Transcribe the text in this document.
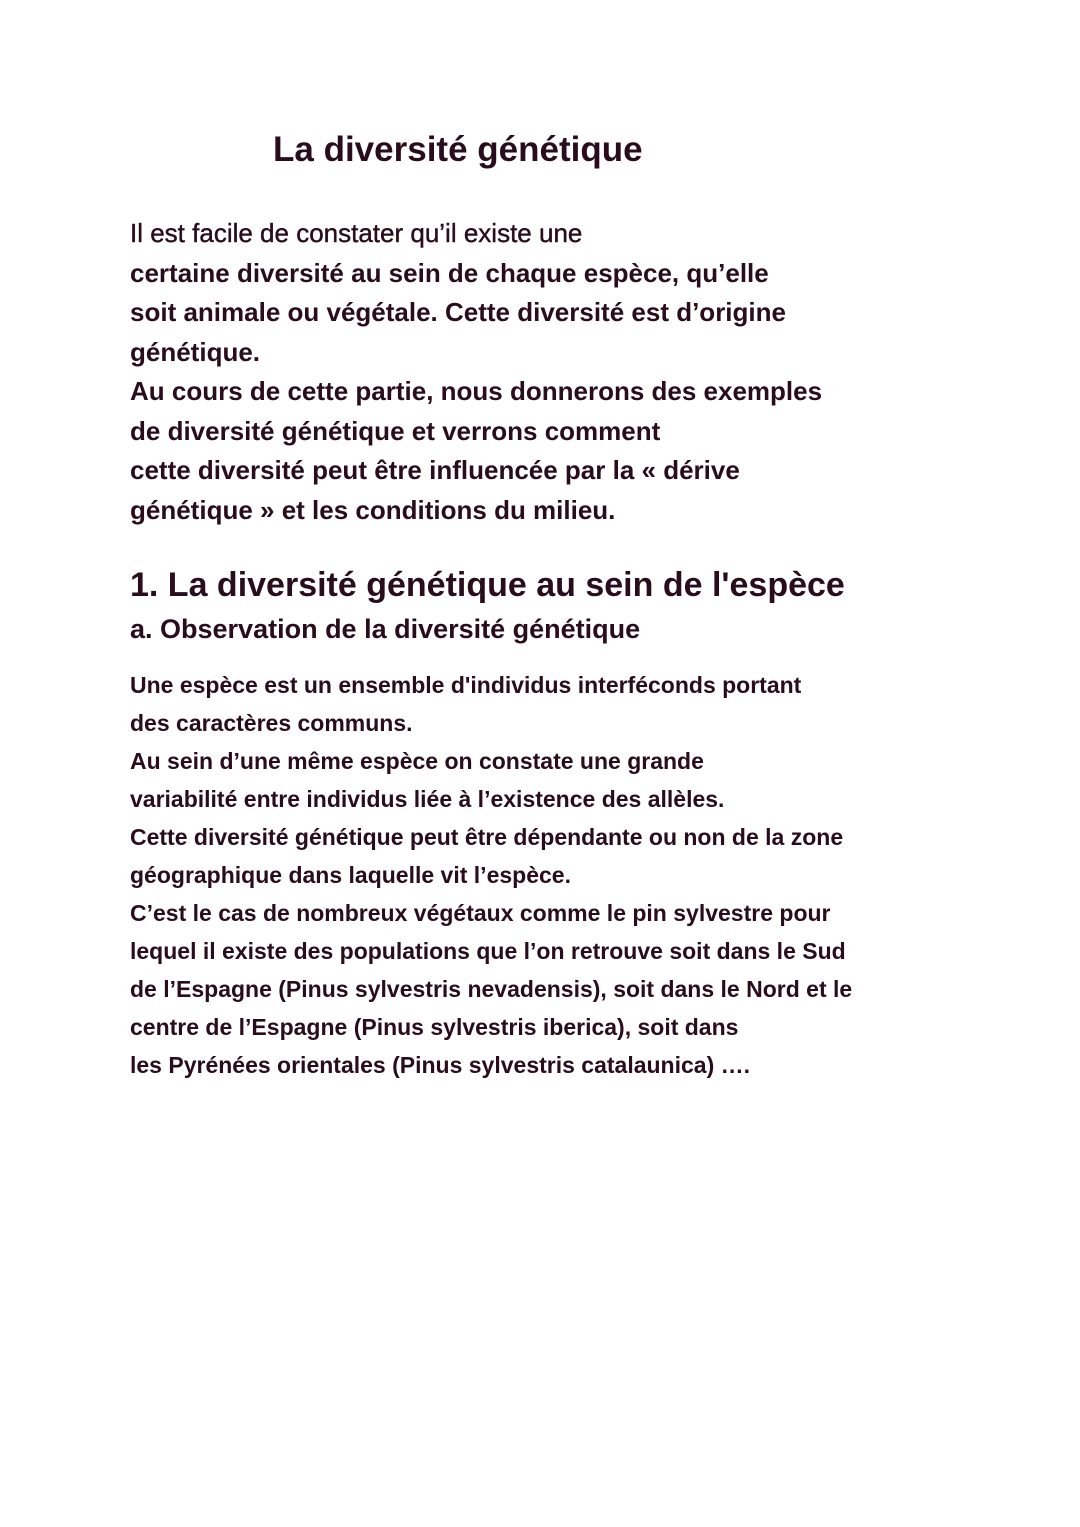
La diversité génétique
Il est facile de constater qu’il existe une
certaine diversité au sein de chaque espèce, qu’elle
soit animale ou végétale. Cette diversité est d’origine
génétique.
Au cours de cette partie, nous donnerons des exemples
de diversité génétique et verrons comment
cette diversité peut être influencée par la « dérive
génétique » et les conditions du milieu.
1. La diversité génétique au sein de l'espèce
a. Observation de la diversité génétique
Une espèce est un ensemble d'individus interféconds portant
des caractères communs.
Au sein d’une même espèce on constate une grande
variabilité entre individus liée à l’existence des allèles.
Cette diversité génétique peut être dépendante ou non de la zone
géographique dans laquelle vit l’espèce.
C’est le cas de nombreux végétaux comme le pin sylvestre pour
lequel il existe des populations que l’on retrouve soit dans le Sud
de l’Espagne (Pinus sylvestris nevadensis), soit dans le Nord et le
centre de l’Espagne (Pinus sylvestris iberica), soit dans
les Pyrénées orientales (Pinus sylvestris catalaunica) ….
